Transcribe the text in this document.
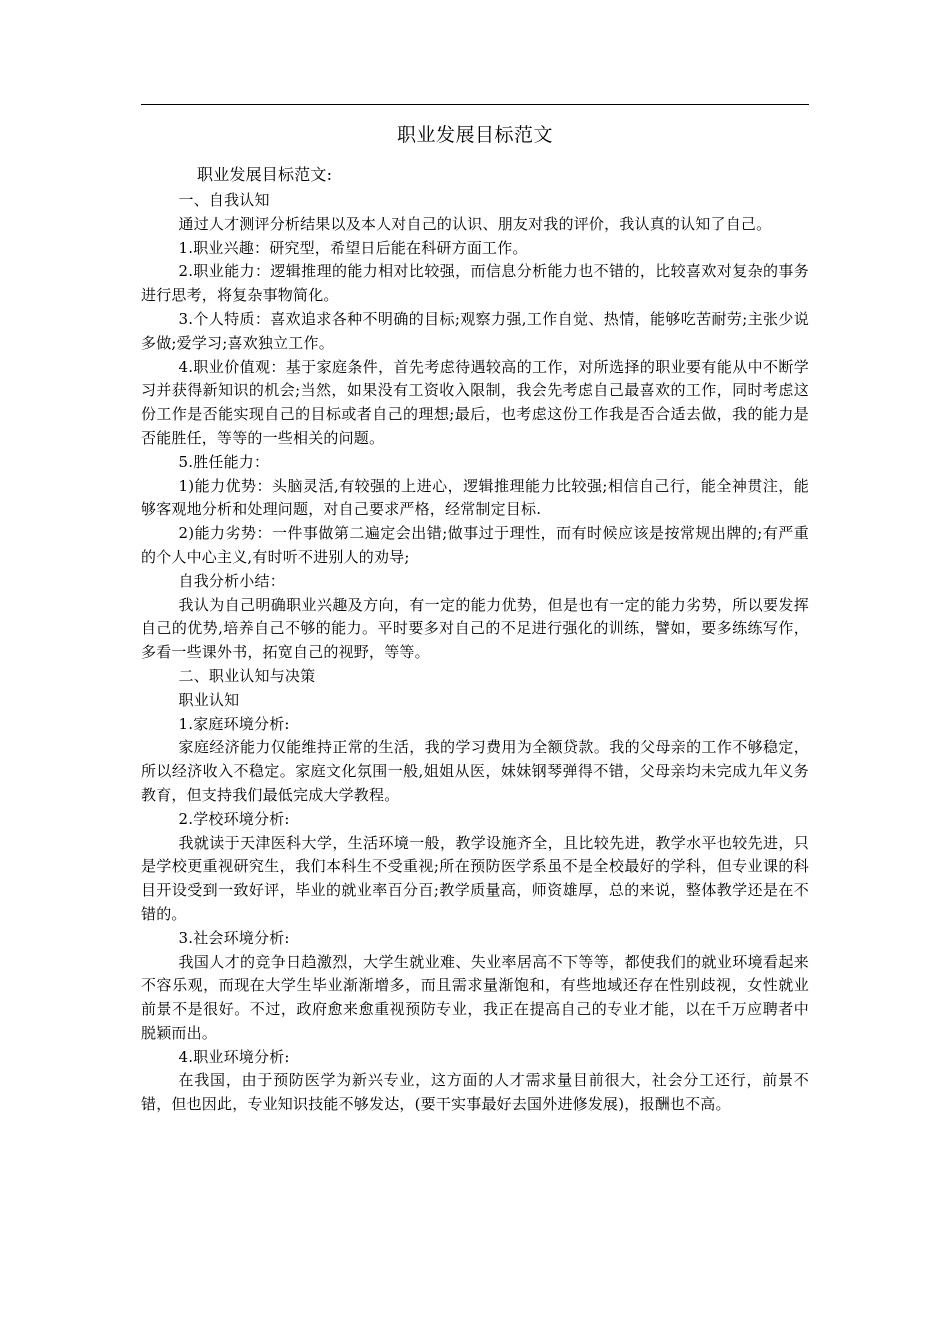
职业发展目标范文

职业发展目标范文:

一、自我认知

通过人才测评分析结果以及本人对自己的认识、朋友对我的评价，我认真的认知了自己。

1.职业兴趣：研究型，希望日后能在科研方面工作。

2.职业能力：逻辑推理的能力相对比较强，而信息分析能力也不错的，比较喜欢对复杂的事务进行思考，将复杂事物简化。

3.个人特质：喜欢追求各种不明确的目标;观察力强,工作自觉、热情，能够吃苦耐劳;主张少说多做;爱学习;喜欢独立工作。

4.职业价值观：基于家庭条件，首先考虑待遇较高的工作，对所选择的职业要有能从中不断学习并获得新知识的机会;当然，如果没有工资收入限制，我会先考虑自己最喜欢的工作，同时考虑这份工作是否能实现自己的目标或者自己的理想;最后，也考虑这份工作我是否合适去做，我的能力是否能胜任，等等的一些相关的问题。

5.胜任能力：

1)能力优势：头脑灵活,有较强的上进心，逻辑推理能力比较强;相信自己行，能全神贯注，能够客观地分析和处理问题，对自己要求严格，经常制定目标.

2)能力劣势：一件事做第二遍定会出错;做事过于理性，而有时候应该是按常规出牌的;有严重的个人中心主义,有时听不进别人的劝导;

自我分析小结：

我认为自己明确职业兴趣及方向，有一定的能力优势，但是也有一定的能力劣势，所以要发挥自己的优势,培养自己不够的能力。平时要多对自己的不足进行强化的训练，譬如，要多练练写作，多看一些课外书，拓宽自己的视野，等等。

二、职业认知与决策

职业认知

1.家庭环境分析:

家庭经济能力仅能维持正常的生活，我的学习费用为全额贷款。我的父母亲的工作不够稳定，所以经济收入不稳定。家庭文化氛围一般,姐姐从医，妹妹钢琴弹得不错，父母亲均未完成九年义务教育，但支持我们最低完成大学教程。

2.学校环境分析:

我就读于天津医科大学，生活环境一般，教学设施齐全，且比较先进，教学水平也较先进，只是学校更重视研究生，我们本科生不受重视;所在预防医学系虽不是全校最好的学科，但专业课的科目开设受到一致好评，毕业的就业率百分百;教学质量高，师资雄厚，总的来说，整体教学还是在不错的。

3.社会环境分析:

我国人才的竞争日趋激烈，大学生就业难、失业率居高不下等等，都使我们的就业环境看起来不容乐观，而现在大学生毕业渐渐增多，而且需求量渐饱和，有些地域还存在性别歧视，女性就业前景不是很好。不过，政府愈来愈重视预防专业，我正在提高自己的专业才能，以在千万应聘者中脱颖而出。

4.职业环境分析:

在我国，由于预防医学为新兴专业，这方面的人才需求量目前很大，社会分工还行，前景不错，但也因此，专业知识技能不够发达，(要干实事最好去国外进修发展)，报酬也不高。
